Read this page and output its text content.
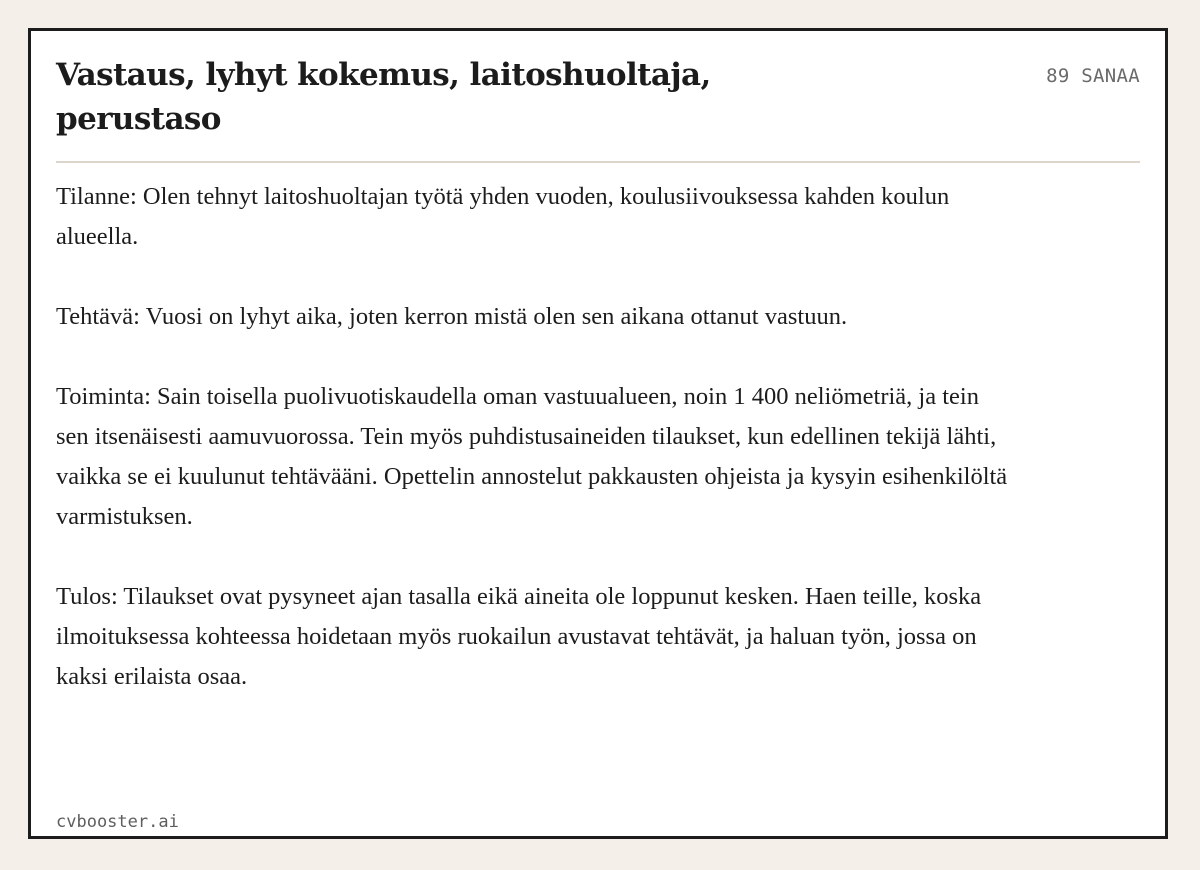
Vastaus, lyhyt kokemus, laitoshuoltaja, perustaso
89 SANAA

Tilanne: Olen tehnyt laitoshuoltajan työtä yhden vuoden, koulusiivouksessa kahden koulun alueella.

Tehtävä: Vuosi on lyhyt aika, joten kerron mistä olen sen aikana ottanut vastuun.

Toiminta: Sain toisella puolivuotiskaudella oman vastuualueen, noin 1 400 neliömetriä, ja tein sen itsenäisesti aamuvuorossa. Tein myös puhdistusaineiden tilaukset, kun edellinen tekijä lähti, vaikka se ei kuulunut tehtävääni. Opettelin annostelut pakkausten ohjeista ja kysyin esihenkilöltä varmistuksen.

Tulos: Tilaukset ovat pysyneet ajan tasalla eikä aineita ole loppunut kesken. Haen teille, koska ilmoituksessa kohteessa hoidetaan myös ruokailun avustavat tehtävät, ja haluan työn, jossa on kaksi erilaista osaa.

cvbooster.ai
